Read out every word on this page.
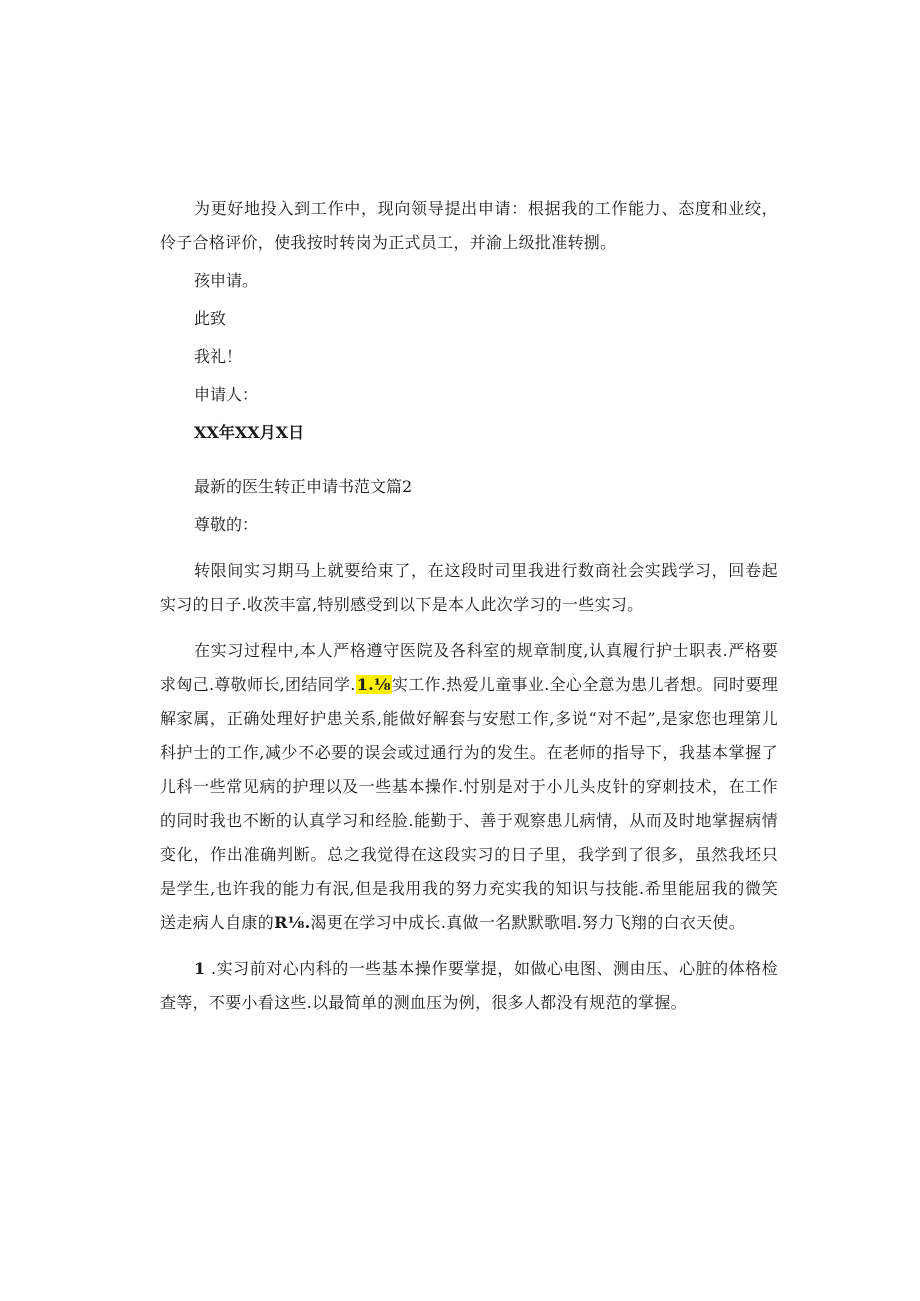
为更好地投入到工作中，现向领导提出申请：根据我的工作能力、态度和业绞，伶子合格评价，使我按时转岗为正式员工，并渝上级批准转捌。

孩申请。

此致

我礼！

申请人：

XX年XX月X日

最新的医生转正申请书范文篇2

尊敬的：

转限间实习期马上就要给束了，在这段时司里我进行数商社会实践学习，回卷起实习的日子.收茨丰富,特别感受到以下是本人此次学习的一些实习。

在实习过程中,本人严格遵守医院及各科室的规章制度,认真履行护士职表.严格要求匈己.尊敬师长,团结同学.1.⅛实工作.热爱儿童事业.全心全意为患儿者想。同时要理解家属，正确处理好护患关系,能做好解套与安慰工作,多说“对不起”,是家您也理第儿科护士的工作,减少不必要的误会或过通行为的发生。在老师的指导下，我基本掌握了儿科一些常见病的护理以及一些基本操作.忖别是对于小儿头皮针的穿刺技术，在工作的同时我也不断的认真学习和经脸.能勤于、善于观察患儿病情，从而及时地掌握病情变化，作出准确判断。总之我觉得在这段实习的日子里，我学到了很多，虽然我坯只是学生,也许我的能力有泯,但是我用我的努力充实我的知识与技能.希里能屈我的微笑送走病人自康的R⅛.渴更在学习中成长.真做一名默默歌唱.努力飞翔的白衣天使。

1 .实习前对心内科的一些基本操作要掌提，如做心电图、测由压、心脏的体格检查等，不要小看这些.以最简单的测血压为例，很多人都没有规范的掌握。
